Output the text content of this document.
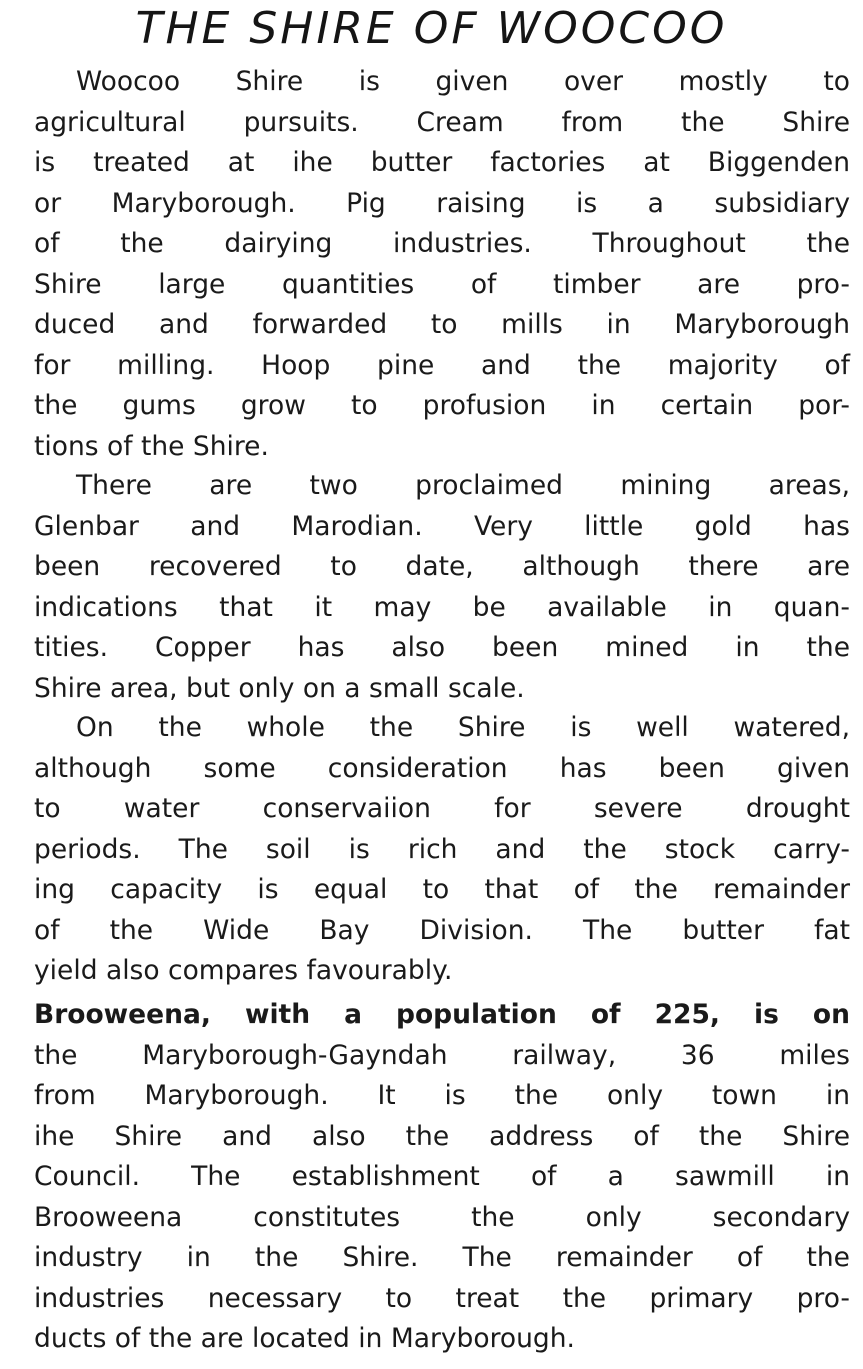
THE SHIRE OF WOOCOO
Woocoo Shire is given over mostly to
agricultural pursuits. Cream from the Shire
is treated at ihe butter factories at Biggenden
or Maryborough. Pig raising is a subsidiary
of the dairying industries. Throughout the
Shire large quantities of timber are pro-
duced and forwarded to mills in Maryborough
for milling. Hoop pine and the majority of
the gums grow to profusion in certain por-
tions of the Shire.
There are two proclaimed mining areas,
Glenbar and Marodian. Very little gold has
been recovered to date, although there are
indications that it may be available in quan-
tities. Copper has also been mined in the
Shire area, but only on a small scale.
On the whole the Shire is well watered,
although some consideration has been given
to water conservaiion for severe drought
periods. The soil is rich and the stock carry-
ing capacity is equal to that of the remainder
of the Wide Bay Division. The butter fat
yield also compares favourably.
Brooweena, with a population of 225, is on
the Maryborough-Gayndah railway, 36 miles
from Maryborough. It is the only town in
ihe Shire and also the address of the Shire
Council. The establishment of a sawmill in
Brooweena constitutes the only secondary
industry in the Shire. The remainder of the
industries necessary to treat the primary pro-
ducts of the are located in Maryborough.
